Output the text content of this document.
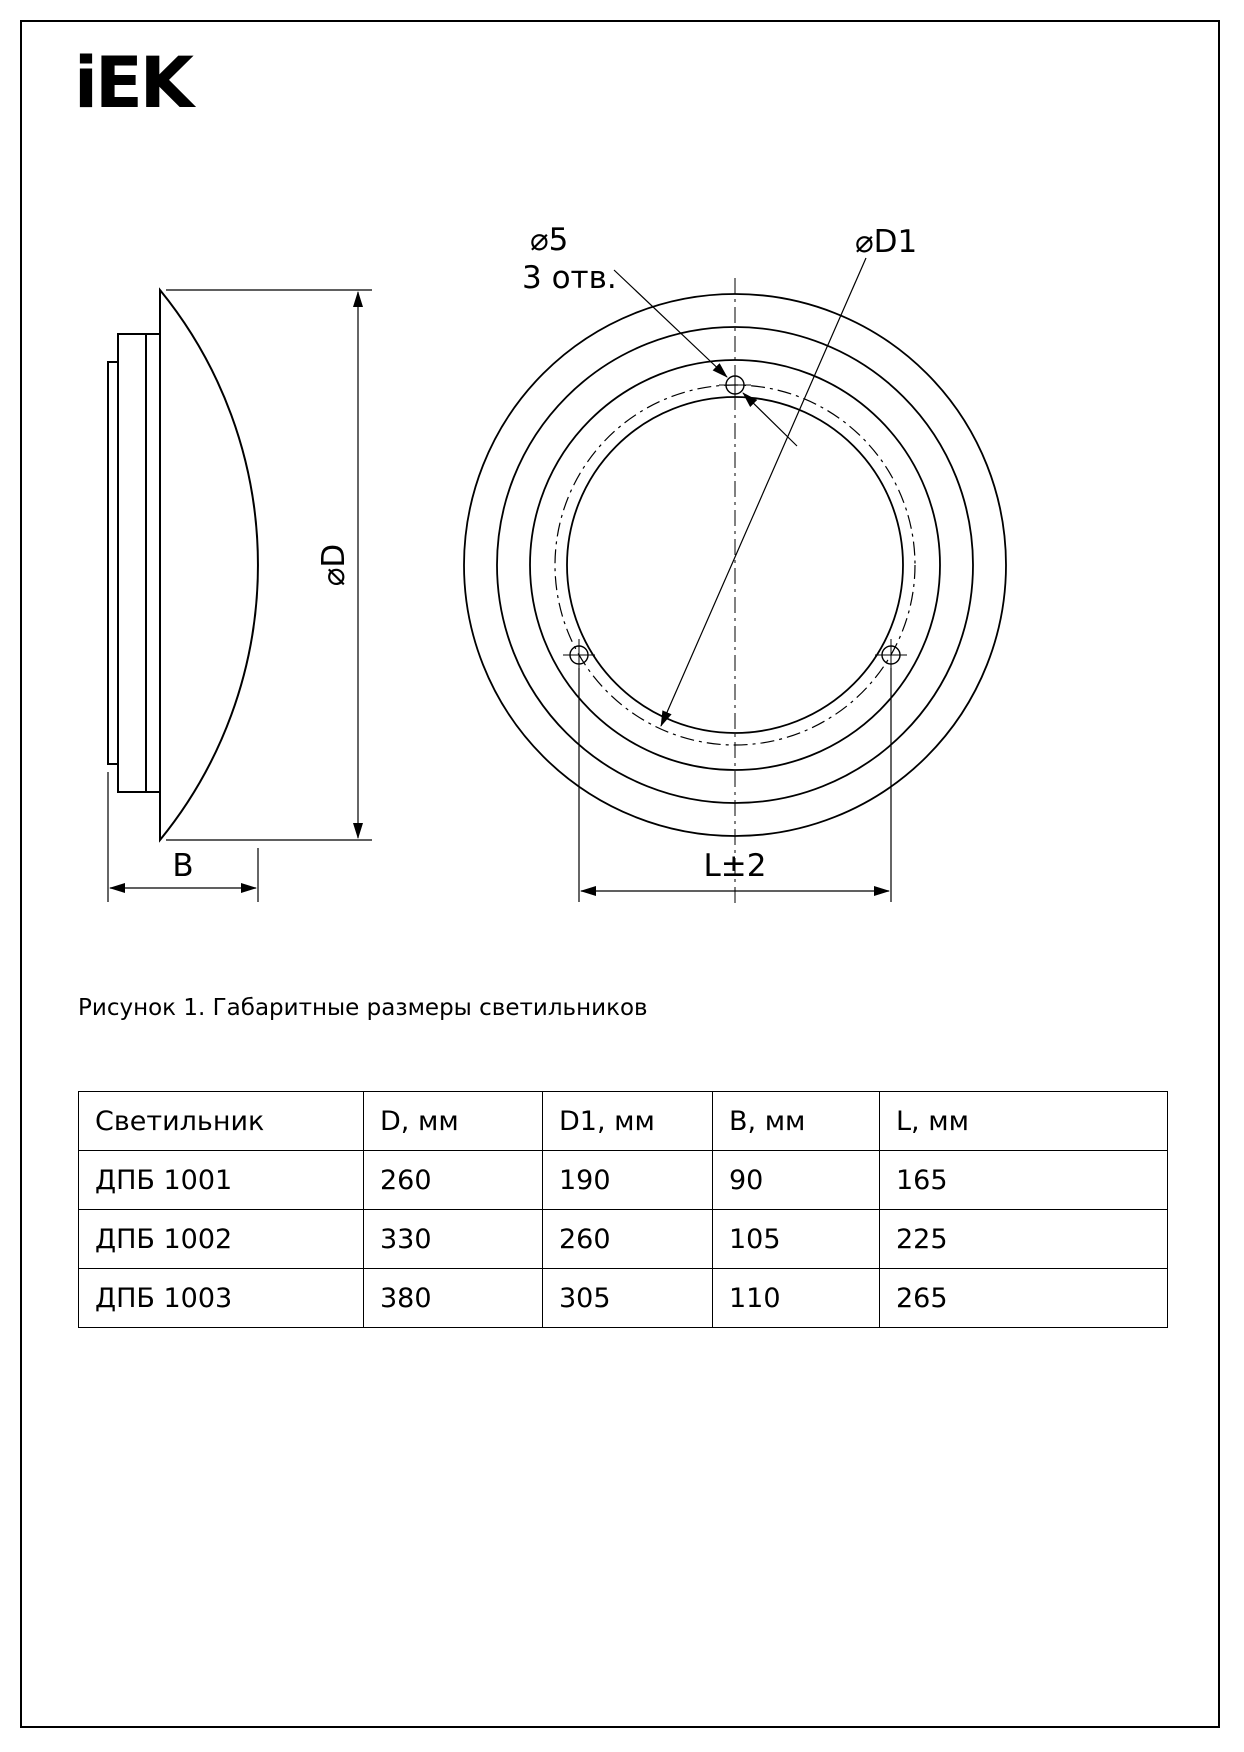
iEK
⌀D
B
⌀5
3 отв.
⌀D1
L±2
Рисунок 1. Габаритные размеры светильников
Светильник	D, мм	D1, мм	B, мм	L, мм
ДПБ 1001	260	190	90	165
ДПБ 1002	330	260	105	225
ДПБ 1003	380	305	110	265
